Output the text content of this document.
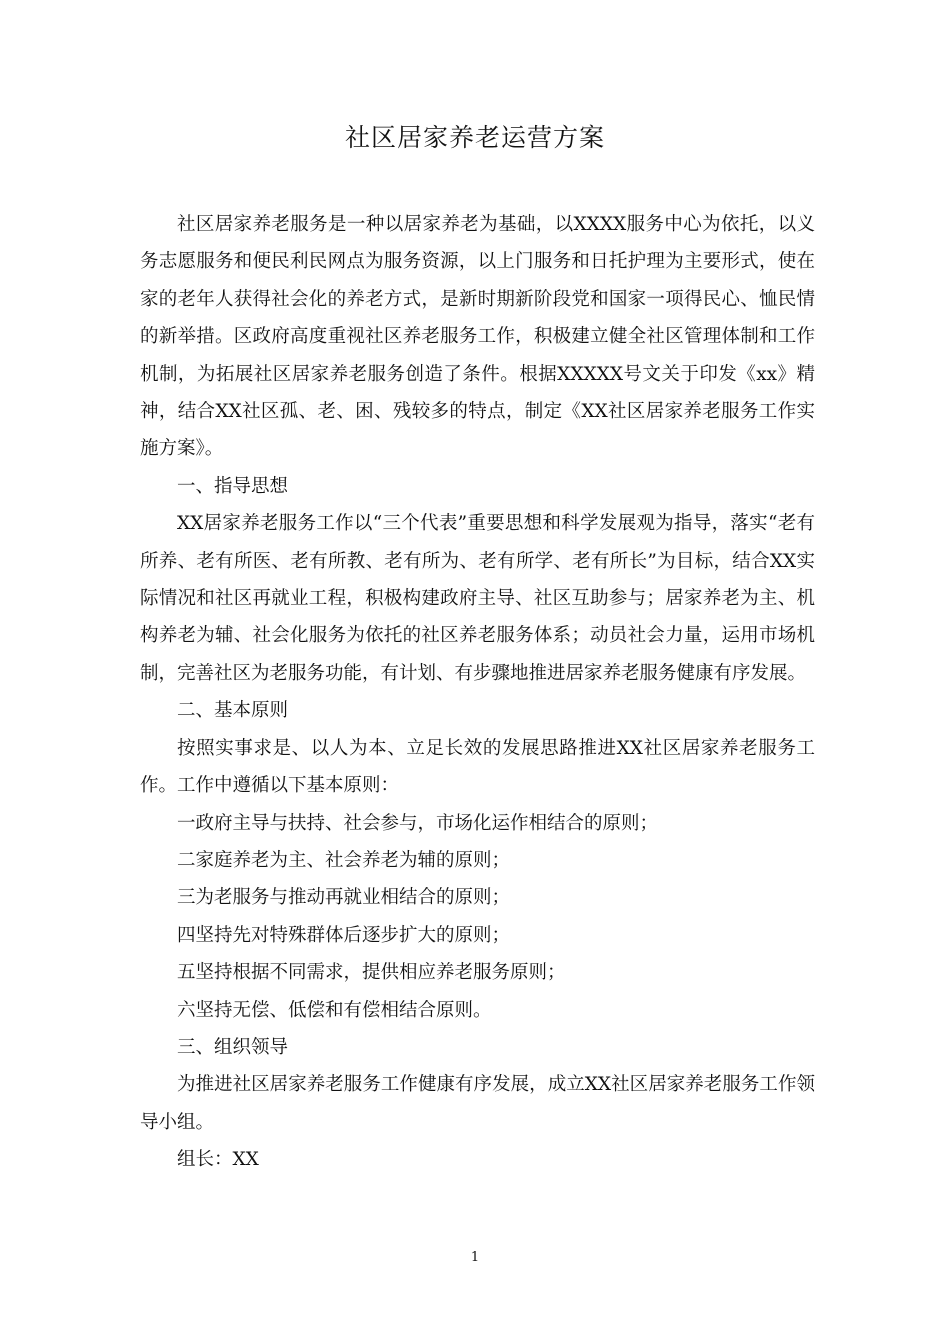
社区居家养老运营方案

社区居家养老服务是一种以居家养老为基础，以XXXX服务中心为依托，以义务志愿服务和便民利民网点为服务资源，以上门服务和日托护理为主要形式，使在家的老年人获得社会化的养老方式，是新时期新阶段党和国家一项得民心、恤民情的新举措。区政府高度重视社区养老服务工作，积极建立健全社区管理体制和工作机制，为拓展社区居家养老服务创造了条件。根据XXXXX号文关于印发《xx》精神，结合XX社区孤、老、困、残较多的特点，制定《XX社区居家养老服务工作实施方案》。

一、指导思想

XX居家养老服务工作以“三个代表”重要思想和科学发展观为指导，落实“老有所养、老有所医、老有所教、老有所为、老有所学、老有所长”为目标，结合XX实际情况和社区再就业工程，积极构建政府主导、社区互助参与；居家养老为主、机构养老为辅、社会化服务为依托的社区养老服务体系；动员社会力量，运用市场机制，完善社区为老服务功能，有计划、有步骤地推进居家养老服务健康有序发展。

二、基本原则

按照实事求是、以人为本、立足长效的发展思路推进XX社区居家养老服务工作。工作中遵循以下基本原则：

一政府主导与扶持、社会参与，市场化运作相结合的原则；

二家庭养老为主、社会养老为辅的原则；

三为老服务与推动再就业相结合的原则；

四坚持先对特殊群体后逐步扩大的原则；

五坚持根据不同需求，提供相应养老服务原则；

六坚持无偿、低偿和有偿相结合原则。

三、组织领导

为推进社区居家养老服务工作健康有序发展，成立XX社区居家养老服务工作领导小组。

组长：XX

1
